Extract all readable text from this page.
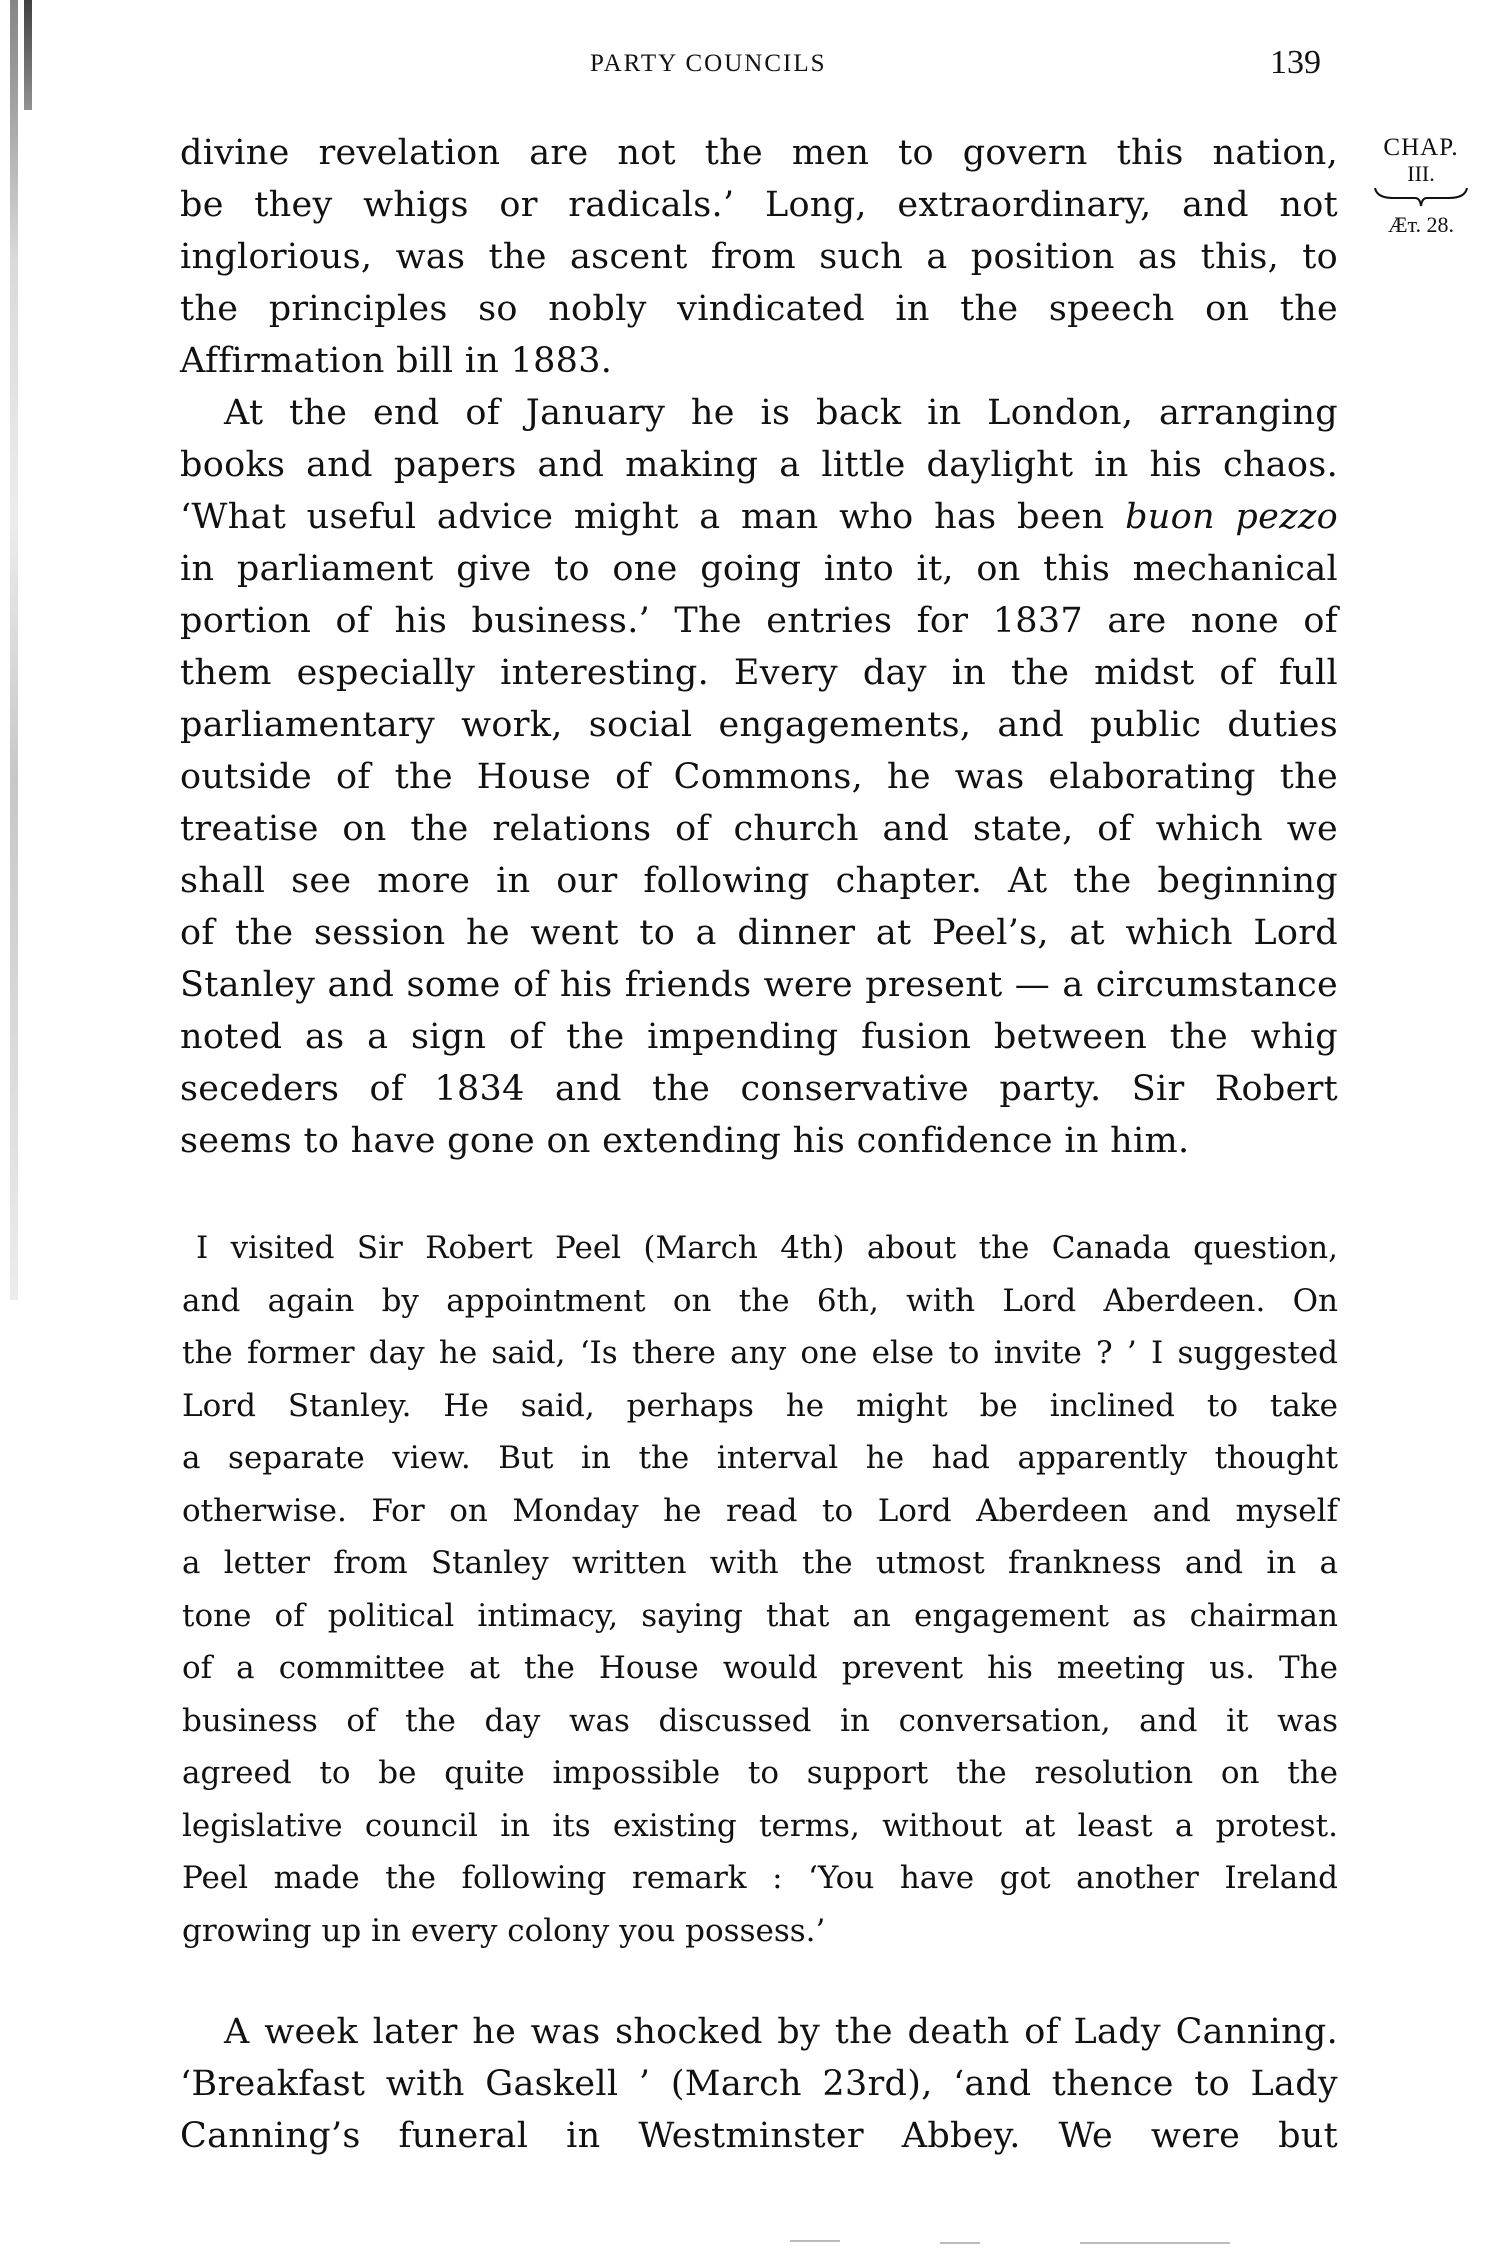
PARTY COUNCILS	139
CHAP.
III.
Æт. 28.
divine revelation are not the men to govern this nation,
be they whigs or radicals.’ Long, extraordinary, and not
inglorious, was the ascent from such a position as this, to
the principles so nobly vindicated in the speech on the
Affirmation bill in 1883.
At the end of January he is back in London, arranging
books and papers and making a little daylight in his chaos.
‘What useful advice might a man who has been buon pezzo
in parliament give to one going into it, on this mechanical
portion of his business.’ The entries for 1837 are none of
them especially interesting. Every day in the midst of full
parliamentary work, social engagements, and public duties
outside of the House of Commons, he was elaborating the
treatise on the relations of church and state, of which we
shall see more in our following chapter. At the beginning
of the session he went to a dinner at Peel’s, at which Lord
Stanley and some of his friends were present — a circumstance
noted as a sign of the impending fusion between the whig
seceders of 1834 and the conservative party. Sir Robert
seems to have gone on extending his confidence in him.
I visited Sir Robert Peel (March 4th) about the Canada question,
and again by appointment on the 6th, with Lord Aberdeen. On
the former day he said, ‘Is there any one else to invite ? ’ I suggested
Lord Stanley. He said, perhaps he might be inclined to take
a separate view. But in the interval he had apparently thought
otherwise. For on Monday he read to Lord Aberdeen and myself
a letter from Stanley written with the utmost frankness and in a
tone of political intimacy, saying that an engagement as chairman
of a committee at the House would prevent his meeting us. The
business of the day was discussed in conversation, and it was
agreed to be quite impossible to support the resolution on the
legislative council in its existing terms, without at least a protest.
Peel made the following remark : ‘You have got another Ireland
growing up in every colony you possess.’
A week later he was shocked by the death of Lady Canning.
‘Breakfast with Gaskell ’ (March 23rd), ‘and thence to Lady
Canning’s funeral in Westminster Abbey. We were but
